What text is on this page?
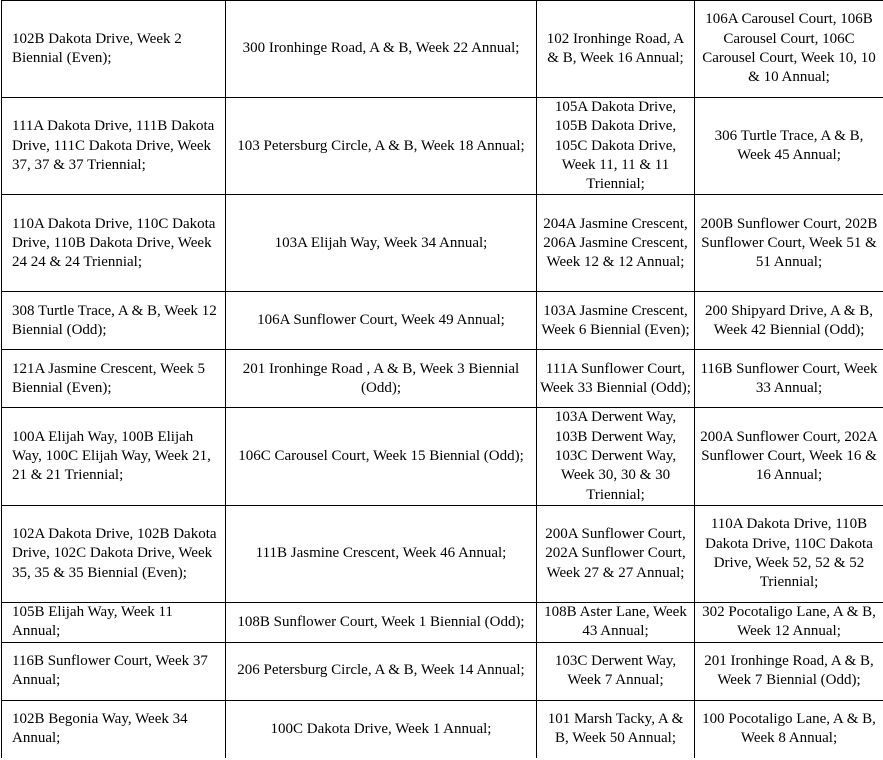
102B Dakota Drive, Week 2 Biennial (Even);	300 Ironhinge Road, A & B, Week 22 Annual;	102 Ironhinge Road, A & B, Week 16 Annual;	106A Carousel Court, 106B Carousel Court, 106C Carousel Court, Week 10, 10 & 10 Annual;
111A Dakota Drive, 111B Dakota Drive, 111C Dakota Drive, Week 37, 37 & 37 Triennial;	103 Petersburg Circle, A & B, Week 18 Annual;	105A Dakota Drive, 105B Dakota Drive, 105C Dakota Drive, Week 11, 11 & 11 Triennial;	306 Turtle Trace, A & B, Week 45 Annual;
110A Dakota Drive, 110C Dakota Drive, 110B Dakota Drive, Week 24 24 & 24 Triennial;	103A Elijah Way, Week 34 Annual;	204A Jasmine Crescent, 206A Jasmine Crescent, Week 12 & 12 Annual;	200B Sunflower Court, 202B Sunflower Court, Week 51 & 51 Annual;
308 Turtle Trace, A & B, Week 12 Biennial (Odd);	106A Sunflower Court, Week 49 Annual;	103A Jasmine Crescent, Week 6 Biennial (Even);	200 Shipyard Drive, A & B, Week 42 Biennial (Odd);
121A Jasmine Crescent, Week 5 Biennial (Even);	201 Ironhinge Road , A & B, Week 3 Biennial (Odd);	111A Sunflower Court, Week 33 Biennial (Odd);	116B Sunflower Court, Week 33 Annual;
100A Elijah Way, 100B Elijah Way, 100C Elijah Way, Week 21, 21 & 21 Triennial;	106C Carousel Court, Week 15 Biennial (Odd);	103A Derwent Way, 103B Derwent Way, 103C Derwent Way, Week 30, 30 & 30 Triennial;	200A Sunflower Court, 202A Sunflower Court, Week 16 & 16 Annual;
102A Dakota Drive, 102B Dakota Drive, 102C Dakota Drive, Week 35, 35 & 35 Biennial (Even);	111B Jasmine Crescent, Week 46 Annual;	200A Sunflower Court, 202A Sunflower Court, Week 27 & 27 Annual;	110A Dakota Drive, 110B Dakota Drive, 110C Dakota Drive, Week 52, 52 & 52 Triennial;
105B Elijah Way, Week 11 Annual;	108B Sunflower Court, Week 1 Biennial (Odd);	108B Aster Lane, Week 43 Annual;	302 Pocotaligo Lane, A & B, Week 12 Annual;
116B Sunflower Court, Week 37 Annual;	206 Petersburg Circle, A & B, Week 14 Annual;	103C Derwent Way, Week 7 Annual;	201 Ironhinge Road, A & B, Week 7 Biennial (Odd);
102B Begonia Way, Week 34 Annual;	100C Dakota Drive, Week 1 Annual;	101 Marsh Tacky, A & B, Week 50 Annual;	100 Pocotaligo Lane, A & B, Week 8 Annual;
